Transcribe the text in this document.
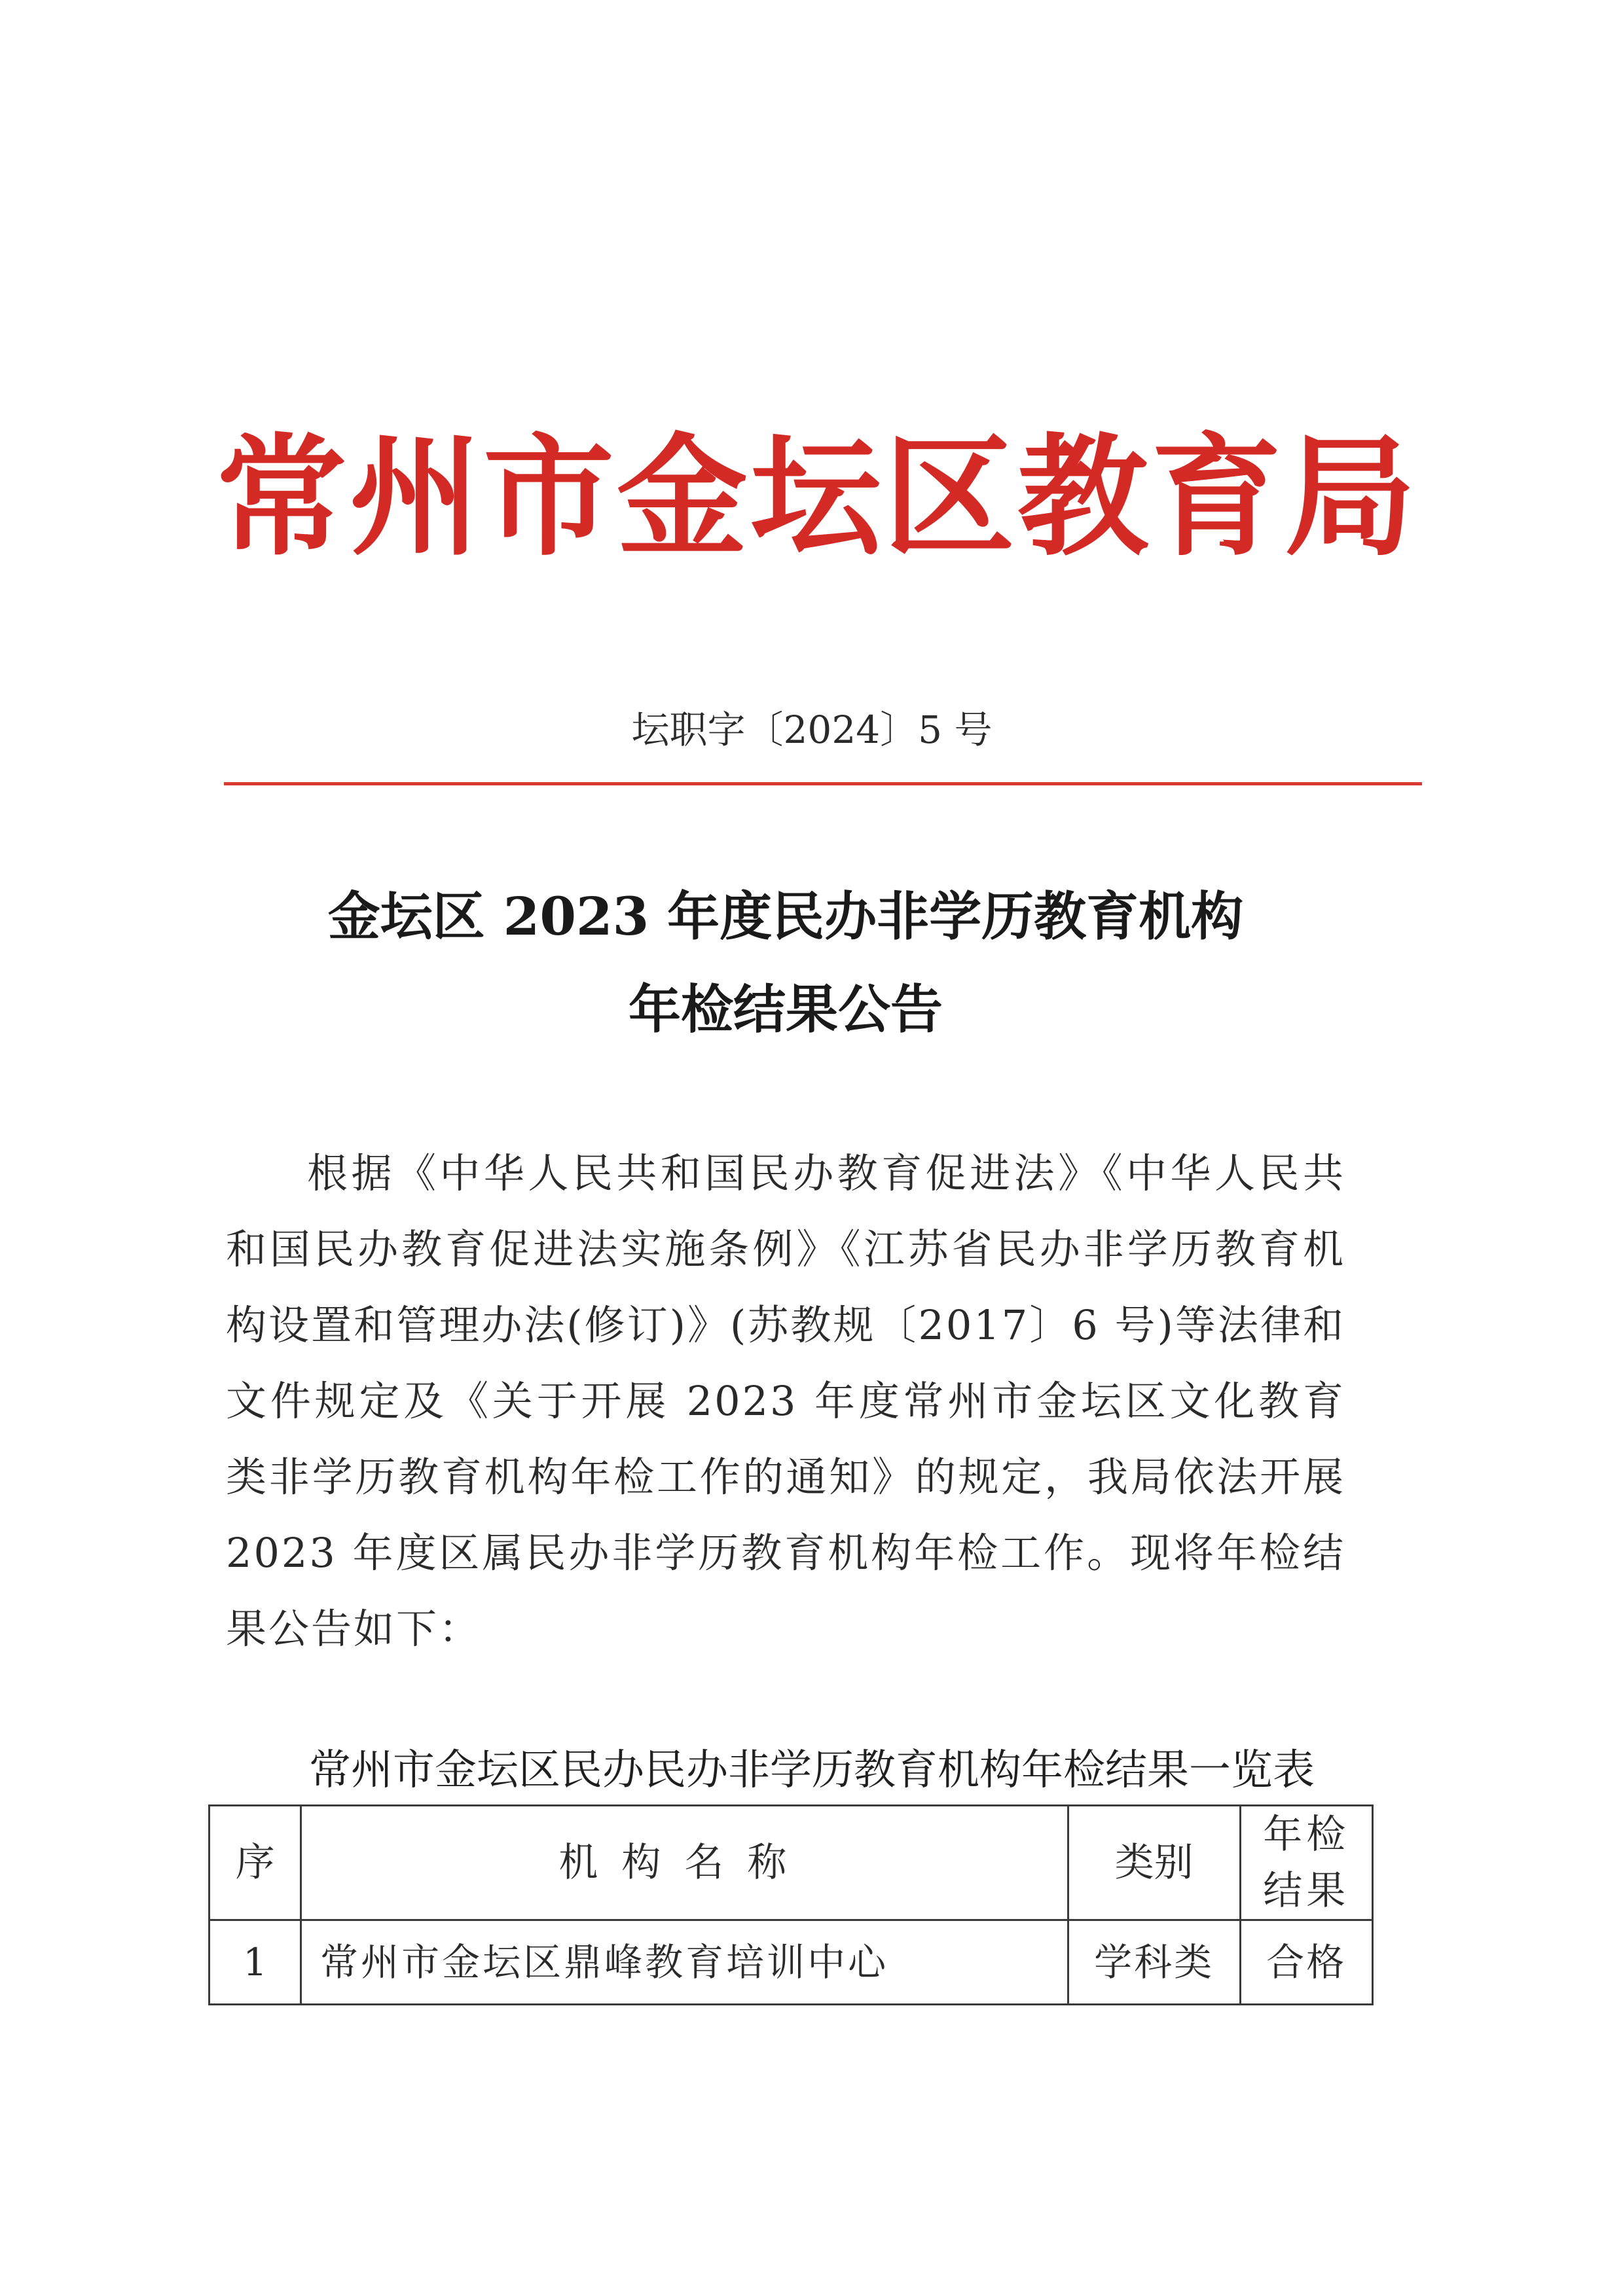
常州市金坛区教育局
坛职字〔2024〕5 号
金坛区 2023 年度民办非学历教育机构
年检结果公告

根据《中华人民共和国民办教育促进法》《中华人民共和国民办教育促进法实施条例》《江苏省民办非学历教育机构设置和管理办法(修订)》(苏教规〔2017〕6 号)等法律和文件规定及《关于开展 2023 年度常州市金坛区文化教育类非学历教育机构年检工作的通知》的规定，我局依法开展 2023 年度区属民办非学历教育机构年检工作。现将年检结果公告如下：

常州市金坛区民办民办非学历教育机构年检结果一览表
序	机构名称	类别	年检结果
1	常州市金坛区鼎峰教育培训中心	学科类	合格
